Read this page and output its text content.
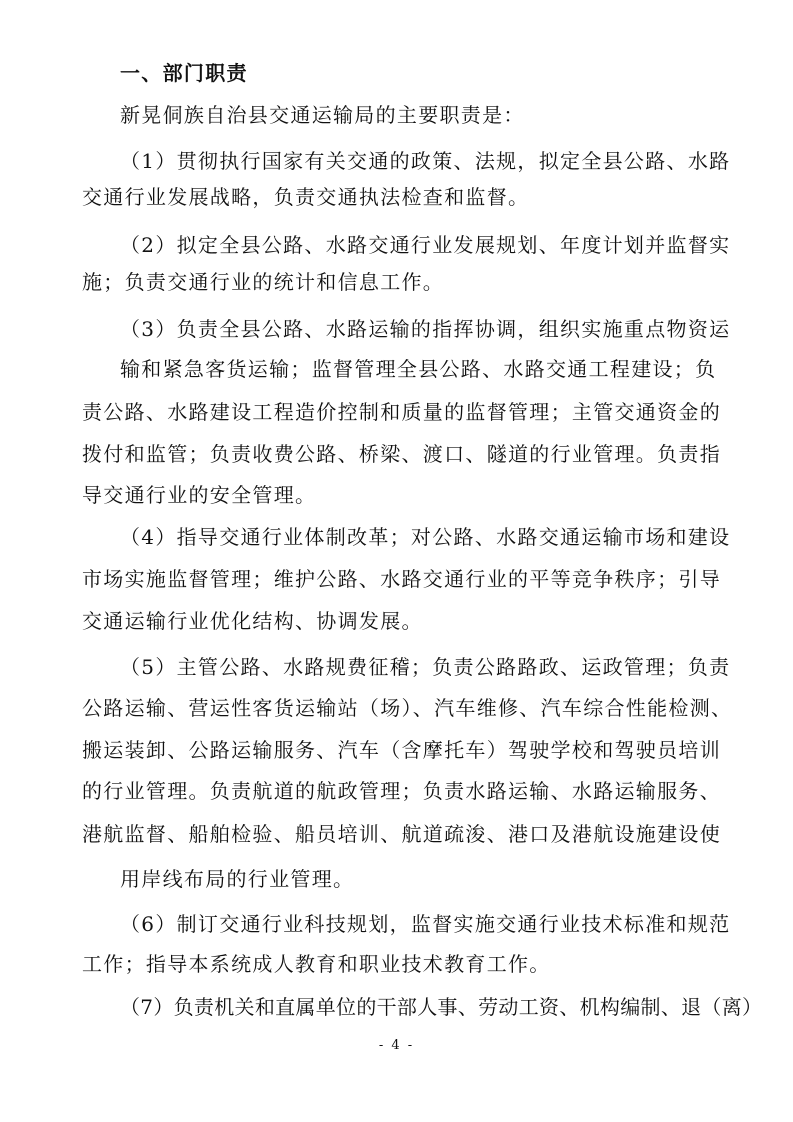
一、部门职责
新晃侗族自治县交通运输局的主要职责是：
（1）贯彻执行国家有关交通的政策、法规，拟定全县公路、水路
交通行业发展战略，负责交通执法检查和监督。
（2）拟定全县公路、水路交通行业发展规划、年度计划并监督实
施；负责交通行业的统计和信息工作。
（3）负责全县公路、水路运输的指挥协调，组织实施重点物资运
输和紧急客货运输；监督管理全县公路、水路交通工程建设；负
责公路、水路建设工程造价控制和质量的监督管理；主管交通资金的
拨付和监管；负责收费公路、桥梁、渡口、隧道的行业管理。负责指
导交通行业的安全管理。
（4）指导交通行业体制改革；对公路、水路交通运输市场和建设
市场实施监督管理；维护公路、水路交通行业的平等竞争秩序；引导
交通运输行业优化结构、协调发展。
（5）主管公路、水路规费征稽；负责公路路政、运政管理；负责
公路运输、营运性客货运输站（场）、汽车维修、汽车综合性能检测、
搬运装卸、公路运输服务、汽车（含摩托车）驾驶学校和驾驶员培训
的行业管理。负责航道的航政管理；负责水路运输、水路运输服务、
港航监督、船舶检验、船员培训、航道疏浚、港口及港航设施建设使
用岸线布局的行业管理。
（6）制订交通行业科技规划，监督实施交通行业技术标准和规范
工作；指导本系统成人教育和职业技术教育工作。
（7）负责机关和直属单位的干部人事、劳动工资、机构编制、退（离）
- 4 -
